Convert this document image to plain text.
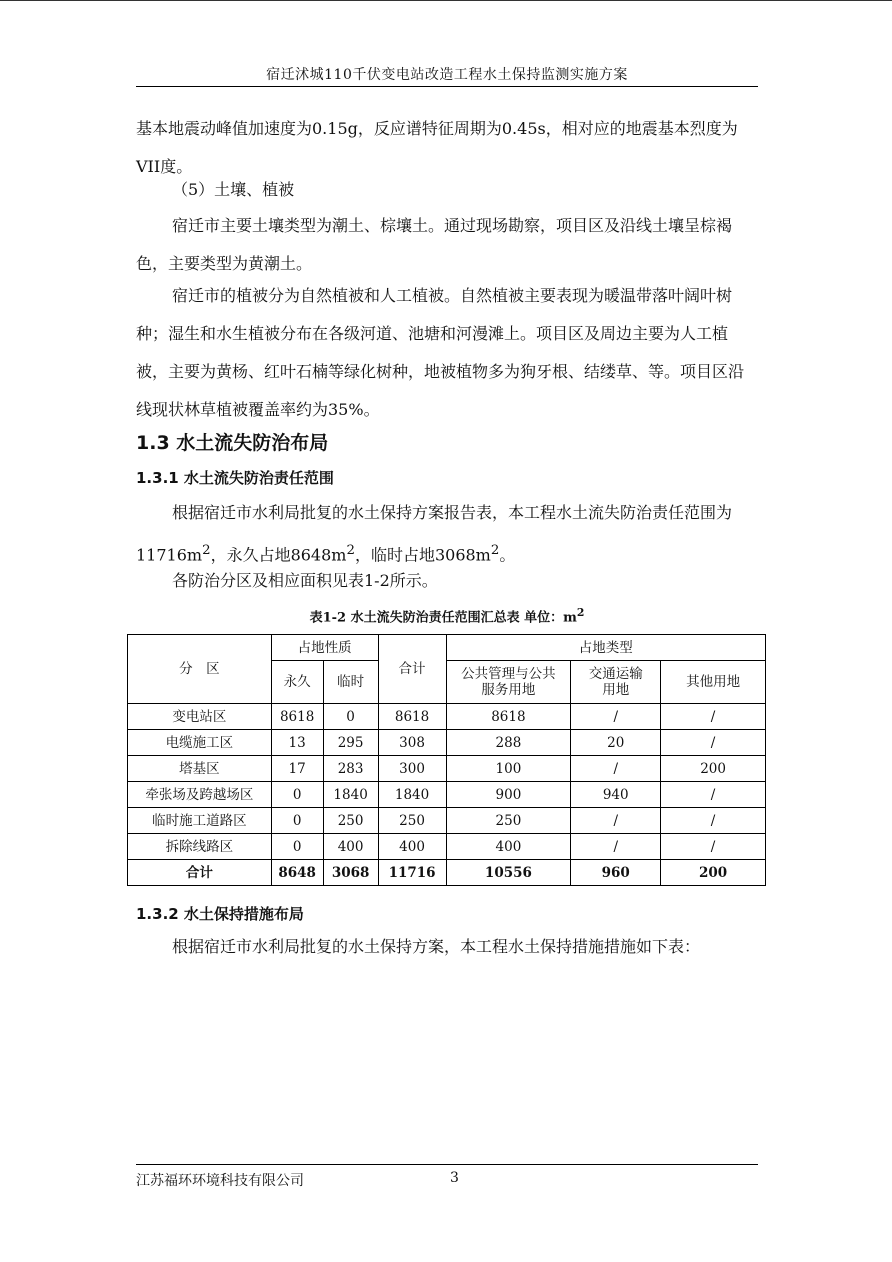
宿迁沭城110千伏变电站改造工程水土保持监测实施方案
基本地震动峰值加速度为0.15g，反应谱特征周期为0.45s，相对应的地震基本烈度为VII度。
（5）土壤、植被
宿迁市主要土壤类型为潮土、棕壤土。通过现场勘察，项目区及沿线土壤呈棕褐色，主要类型为黄潮土。
宿迁市的植被分为自然植被和人工植被。自然植被主要表现为暖温带落叶阔叶树种；湿生和水生植被分布在各级河道、池塘和河漫滩上。项目区及周边主要为人工植被，主要为黄杨、红叶石楠等绿化树种，地被植物多为狗牙根、结缕草、等。项目区沿线现状林草植被覆盖率约为35%。
1.3 水土流失防治布局
1.3.1 水土流失防治责任范围
根据宿迁市水利局批复的水土保持方案报告表，本工程水土流失防治责任范围为$11716m^2$，永久占地$8648m^2$，临时占地$3068m^2$。
各防治分区及相应面积见表1-2所示。
表1-2 水土流失防治责任范围汇总表 单位：$m^2$
分　区	占地性质		合计	占地类型		
	永久	临时		公共管理与公共服务用地	交通运输用地	其他用地
变电站区	8618	0	8618	8618	/	/
电缆施工区	13	295	308	288	20	/
塔基区	17	283	300	100	/	200
牵张场及跨越场区	0	1840	1840	900	940	/
临时施工道路区	0	250	250	250	/	/
拆除线路区	0	400	400	400	/	/
合计	8648	3068	11716	10556	960	200
1.3.2 水土保持措施布局
根据宿迁市水利局批复的水土保持方案，本工程水土保持措施措施如下表：
江苏福环环境科技有限公司	3
